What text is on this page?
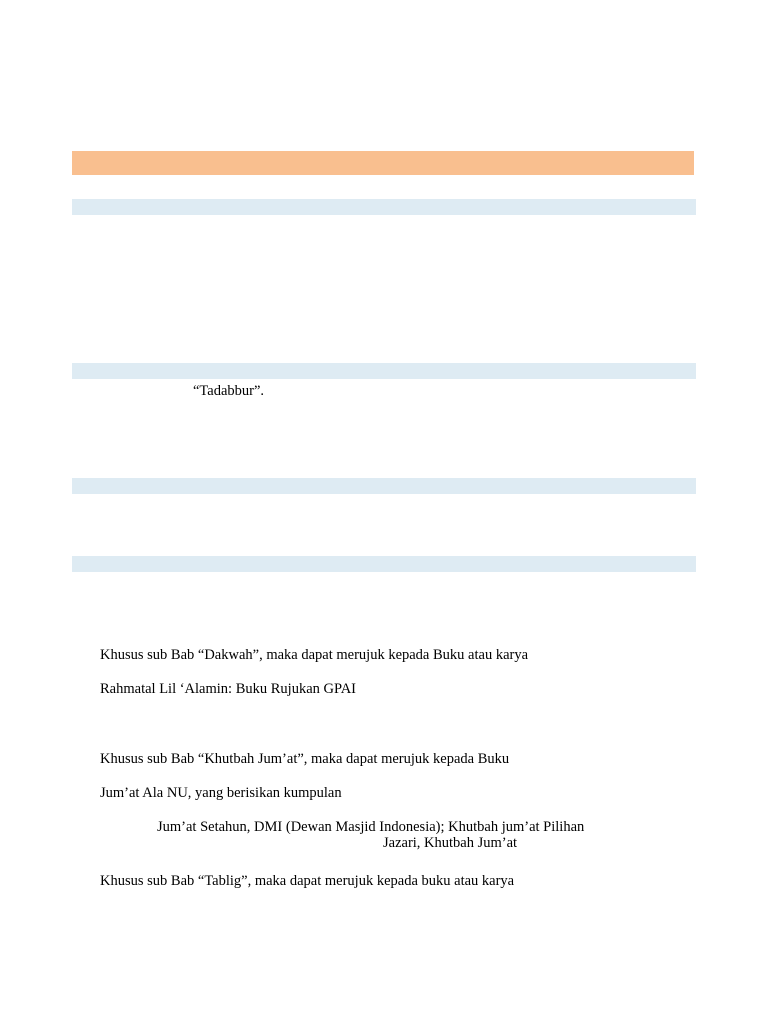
“Tadabbur”.
Khusus sub Bab “Dakwah”, maka dapat merujuk kepada Buku atau karya
Rahmatal Lil ‘Alamin: Buku Rujukan GPAI
Khusus sub Bab “Khutbah Jum’at”, maka dapat merujuk kepada Buku
Jum’at Ala NU, yang berisikan kumpulan
Jum’at Setahun, DMI (Dewan Masjid Indonesia); Khutbah jum’at Pilihan
Jazari, Khutbah Jum’at
Khusus sub Bab “Tablig”, maka dapat merujuk kepada buku atau karya
